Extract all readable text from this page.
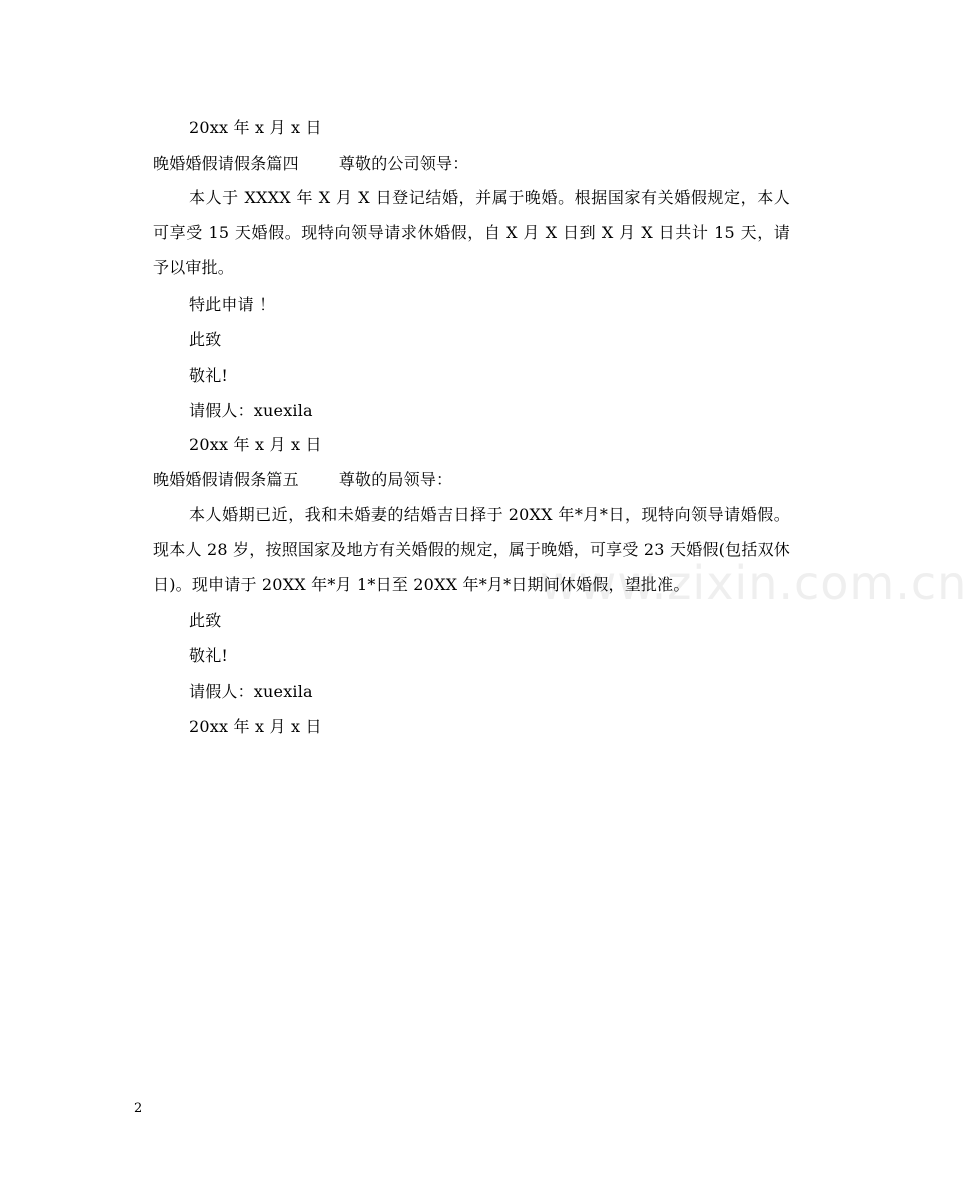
www.zixin.com.cn
20xx 年 x 月 x 日
晚婚婚假请假条篇四	尊敬的公司领导：
本人于 XXXX 年 X 月 X 日登记结婚，并属于晚婚。根据国家有关婚假规定，本人可享受 15 天婚假。现特向领导请求休婚假，自 X 月 X 日到 X 月 X 日共计 15 天，请予以审批。
特此申请 ！
此致
敬礼!
请假人：xuexila
20xx 年 x 月 x 日
晚婚婚假请假条篇五	尊敬的局领导：
本人婚期已近，我和未婚妻的结婚吉日择于 20XX 年*月*日，现特向领导请婚假。现本人 28 岁，按照国家及地方有关婚假的规定，属于晚婚，可享受 23 天婚假(包括双休日)。现申请于 20XX 年*月 1*日至 20XX 年*月*日期间休婚假，望批准。
此致
敬礼!
请假人：xuexila
20xx 年 x 月 x 日
2
